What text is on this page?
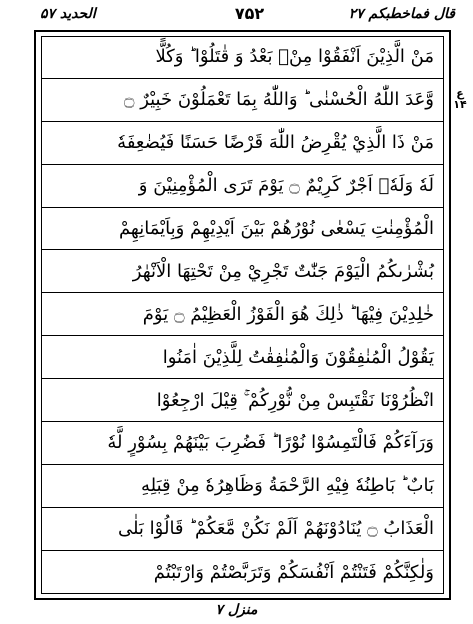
الحدید ۵۷	۷۵۲	قال فماخطبکم ۲۷
مَنْ الَّذِيْنَ اَنْفَقُوْا مِنْۢ بَعْدُ وَ قٰتَلُوْا ؕ وَكُلًّا
وَّعَدَ اللّٰهُ الْحُسْنٰى ؕ وَاللّٰهُ بِمَا تَعْمَلُوْنَ خَبِيْرٌ ۝
مَنْ ذَا الَّذِيْ يُقْرِضُ اللّٰهَ قَرْضًا حَسَنًا فَيُضٰعِفَهٗ
لَهٗ وَلَهٗۤ اَجْرٌ كَرِيْمٌ ۝ يَوْمَ تَرَى الْمُؤْمِنِيْنَ وَ
الْمُؤْمِنٰتِ يَسْعٰى نُوْرُهُمْ بَيْنَ اَيْدِيْهِمْ وَبِاَيْمَانِهِمْ
بُشْرٰىكُمُ الْيَوْمَ جَنّٰتٌ تَجْرِيْ مِنْ تَحْتِهَا الْاَنْهٰرُ
خٰلِدِيْنَ فِيْهَا ؕ ذٰلِكَ هُوَ الْفَوْزُ الْعَظِيْمُ ۝ يَوْمَ
يَقُوْلُ الْمُنٰفِقُوْنَ وَالْمُنٰفِقٰتُ لِلَّذِيْنَ اٰمَنُوا
انْظُرُوْنَا نَقْتَبِسْ مِنْ نُّوْرِكُمْ ۚ قِيْلَ ارْجِعُوْا
وَرَآءَكُمْ فَالْتَمِسُوْا نُوْرًا ؕ فَضُرِبَ بَيْنَهُمْ بِسُوْرٍ لَّهٗ
بَابٌ ؕ بَاطِنُهٗ فِيْهِ الرَّحْمَةُ وَظَاهِرُهٗ مِنْ قِبَلِهِ
الْعَذَابُ ۝ يُنَادُوْنَهُمْ اَلَمْ نَكُنْ مَّعَكُمْ ؕ قَالُوْا بَلٰى
وَلٰكِنَّكُمْ فَتَنْتُمْ اَنْفُسَكُمْ وَتَرَبَّصْتُمْ وَارْتَبْتُمْ
ع ۱۴
منزل ۷
